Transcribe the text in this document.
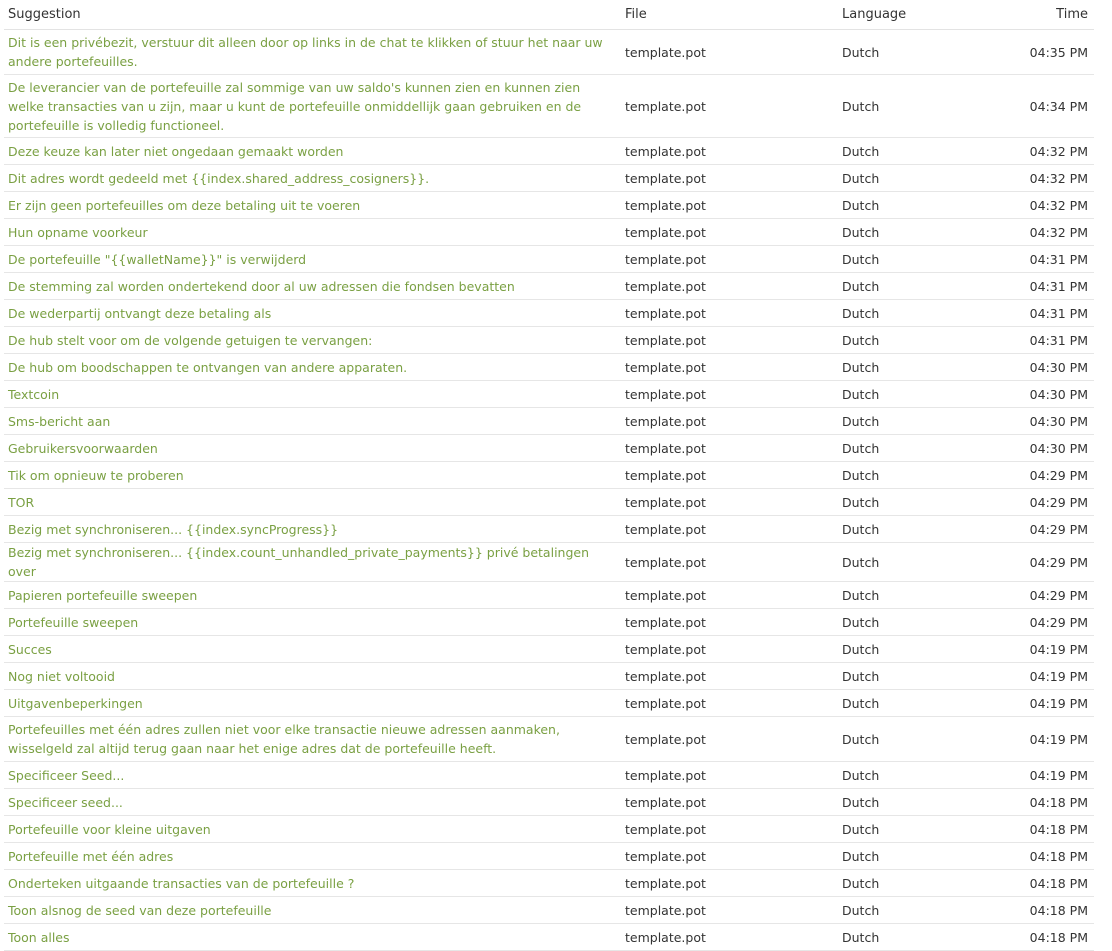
Suggestion	File	Language	Time
Dit is een privébezit, verstuur dit alleen door op links in de chat te klikken of stuur het naar uw andere portefeuilles.	template.pot	Dutch	04:35 PM
De leverancier van de portefeuille zal sommige van uw saldo's kunnen zien en kunnen zien welke transacties van u zijn, maar u kunt de portefeuille onmiddellijk gaan gebruiken en de portefeuille is volledig functioneel.	template.pot	Dutch	04:34 PM
Deze keuze kan later niet ongedaan gemaakt worden	template.pot	Dutch	04:32 PM
Dit adres wordt gedeeld met {{index.shared_address_cosigners}}.	template.pot	Dutch	04:32 PM
Er zijn geen portefeuilles om deze betaling uit te voeren	template.pot	Dutch	04:32 PM
Hun opname voorkeur	template.pot	Dutch	04:32 PM
De portefeuille "{{walletName}}" is verwijderd	template.pot	Dutch	04:31 PM
De stemming zal worden ondertekend door al uw adressen die fondsen bevatten	template.pot	Dutch	04:31 PM
De wederpartij ontvangt deze betaling als	template.pot	Dutch	04:31 PM
De hub stelt voor om de volgende getuigen te vervangen:	template.pot	Dutch	04:31 PM
De hub om boodschappen te ontvangen van andere apparaten.	template.pot	Dutch	04:30 PM
Textcoin	template.pot	Dutch	04:30 PM
Sms-bericht aan	template.pot	Dutch	04:30 PM
Gebruikersvoorwaarden	template.pot	Dutch	04:30 PM
Tik om opnieuw te proberen	template.pot	Dutch	04:29 PM
TOR	template.pot	Dutch	04:29 PM
Bezig met synchroniseren... {{index.syncProgress}}	template.pot	Dutch	04:29 PM
Bezig met synchroniseren... {{index.count_unhandled_private_payments}} privé betalingen over	template.pot	Dutch	04:29 PM
Papieren portefeuille sweepen	template.pot	Dutch	04:29 PM
Portefeuille sweepen	template.pot	Dutch	04:29 PM
Succes	template.pot	Dutch	04:19 PM
Nog niet voltooid	template.pot	Dutch	04:19 PM
Uitgavenbeperkingen	template.pot	Dutch	04:19 PM
Portefeuilles met één adres zullen niet voor elke transactie nieuwe adressen aanmaken, wisselgeld zal altijd terug gaan naar het enige adres dat de portefeuille heeft.	template.pot	Dutch	04:19 PM
Specificeer Seed...	template.pot	Dutch	04:19 PM
Specificeer seed...	template.pot	Dutch	04:18 PM
Portefeuille voor kleine uitgaven	template.pot	Dutch	04:18 PM
Portefeuille met één adres	template.pot	Dutch	04:18 PM
Onderteken uitgaande transacties van de portefeuille ?	template.pot	Dutch	04:18 PM
Toon alsnog de seed van deze portefeuille	template.pot	Dutch	04:18 PM
Toon alles	template.pot	Dutch	04:18 PM
